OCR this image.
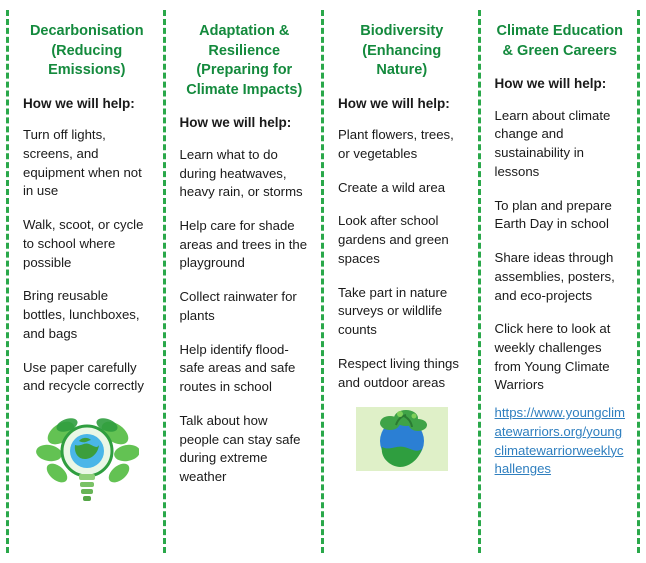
Decarbonisation (Reducing Emissions)
How we will help:
Turn off lights, screens, and equipment when not in use
Walk, scoot, or cycle to school where possible
Bring reusable bottles, lunchboxes, and bags
Use paper carefully and recycle correctly
Adaptation & Resilience (Preparing for Climate Impacts)
How we will help:
Learn what to do during heatwaves, heavy rain, or storms
Help care for shade areas and trees in the playground
Collect rainwater for plants
Help identify flood-safe areas and safe routes in school
Talk about how people can stay safe during extreme weather
Biodiversity (Enhancing Nature)
How we will help:
Plant flowers, trees, or vegetables
Create a wild area
Look after school gardens and green spaces
Take part in nature surveys or wildlife counts
Respect living things and outdoor areas
Climate Education & Green Careers
How we will help:
Learn about climate change and sustainability in lessons
To plan and prepare Earth Day in school
Share ideas through assemblies, posters, and eco-projects
Click here to look at weekly challenges from Young Climate Warriors
https://www.youngclimatewarriors.org/youngclimatewarriorweeklychallenges
